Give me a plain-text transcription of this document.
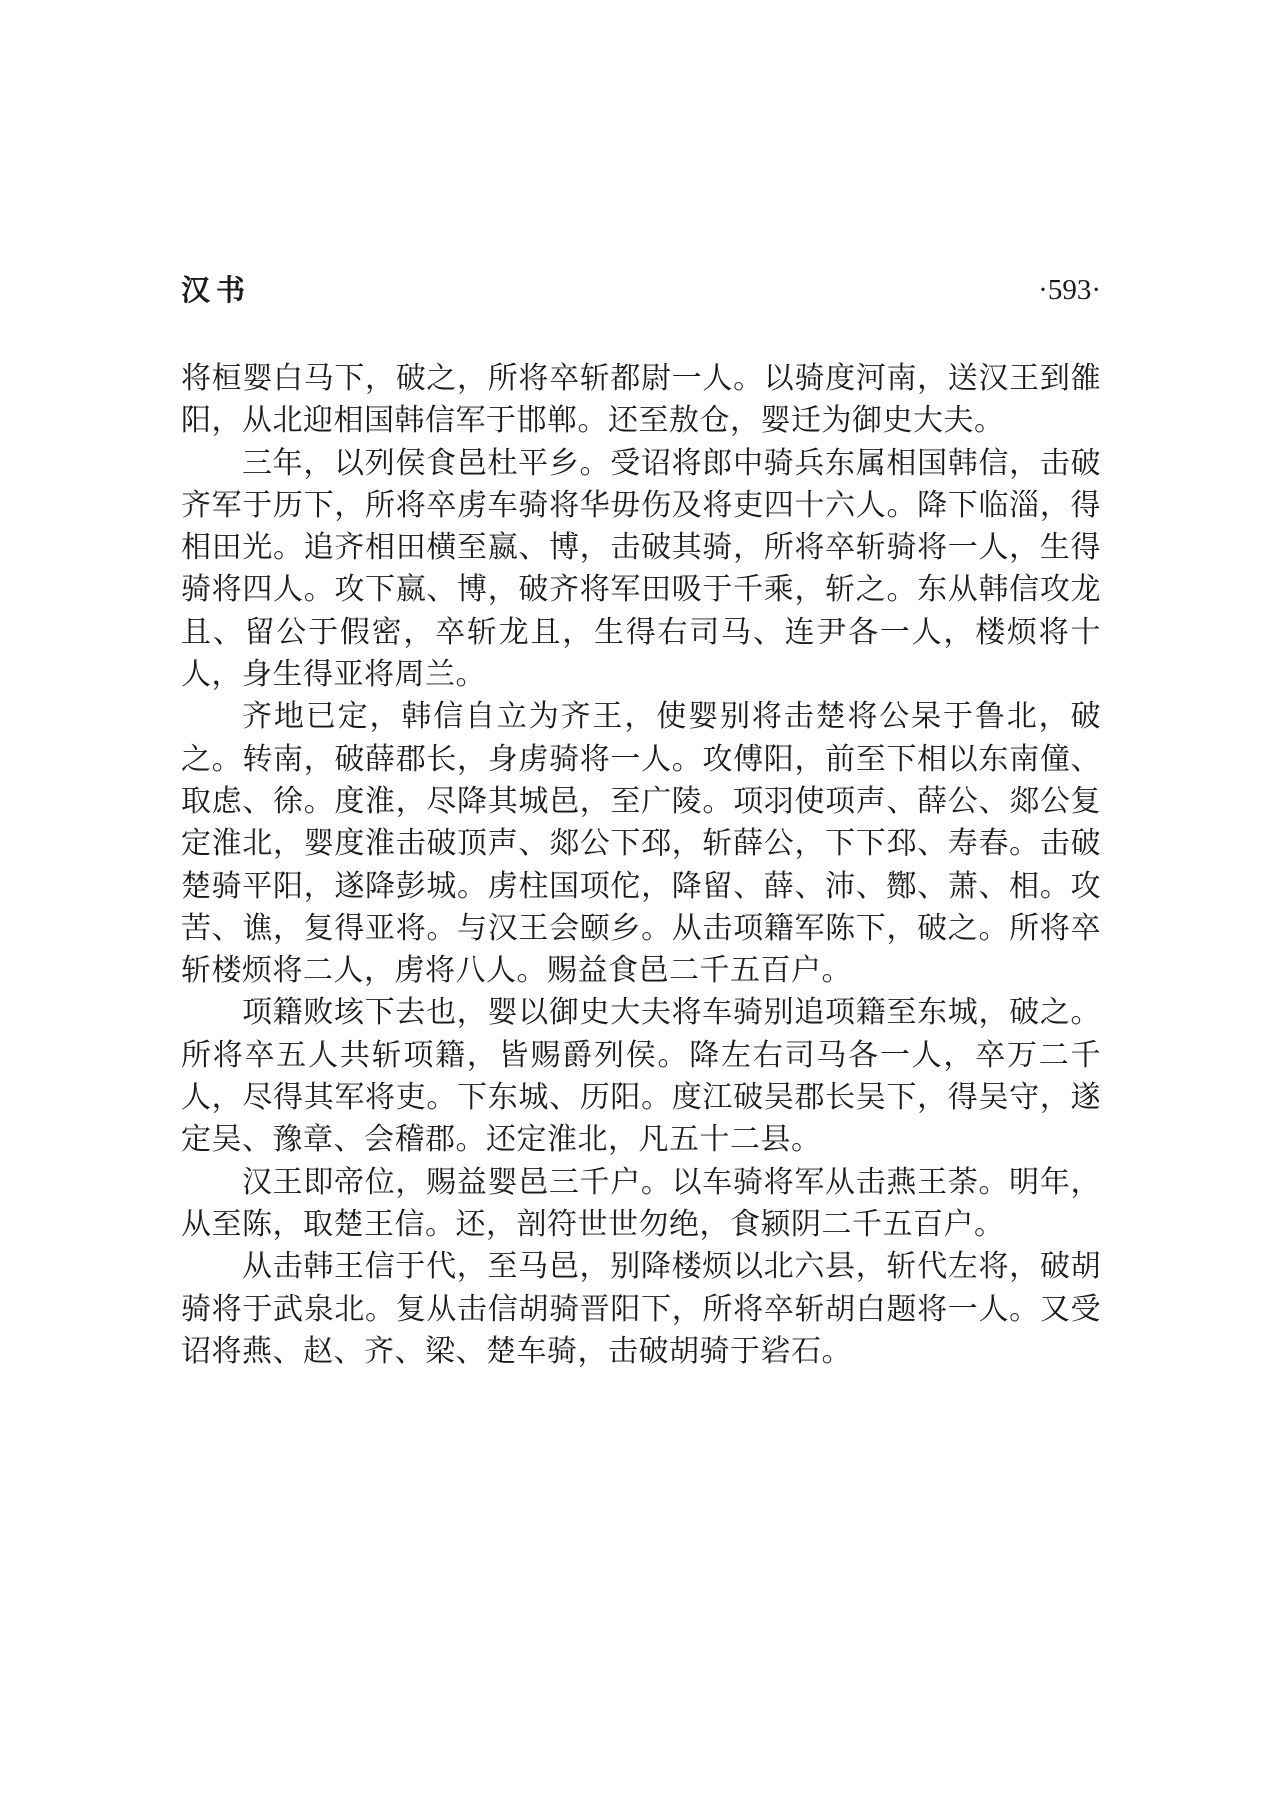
汉书	·593·

将桓婴白马下，破之，所将卒斩都尉一人。以骑度河南，送汉王到雒阳，从北迎相国韩信军于邯郸。还至敖仓，婴迁为御史大夫。

三年，以列侯食邑杜平乡。受诏将郎中骑兵东属相国韩信，击破齐军于历下，所将卒虏车骑将华毋伤及将吏四十六人。降下临淄，得相田光。追齐相田横至嬴、博，击破其骑，所将卒斩骑将一人，生得骑将四人。攻下嬴、博，破齐将军田吸于千乘，斩之。东从韩信攻龙且、留公于假密，卒斩龙且，生得右司马、连尹各一人，楼烦将十人，身生得亚将周兰。

齐地已定，韩信自立为齐王，使婴别将击楚将公杲于鲁北，破之。转南，破薛郡长，身虏骑将一人。攻傅阳，前至下相以东南僮、取虑、徐。度淮，尽降其城邑，至广陵。项羽使项声、薛公、郯公复定淮北，婴度淮击破顶声、郯公下邳，斩薛公，下下邳、寿春。击破楚骑平阳，遂降彭城。虏柱国项佗，降留、薛、沛、酂、萧、相。攻苦、谯，复得亚将。与汉王会颐乡。从击项籍军陈下，破之。所将卒斩楼烦将二人，虏将八人。赐益食邑二千五百户。

项籍败垓下去也，婴以御史大夫将车骑别追项籍至东城，破之。所将卒五人共斩项籍，皆赐爵列侯。降左右司马各一人，卒万二千人，尽得其军将吏。下东城、历阳。度江破吴郡长吴下，得吴守，遂定吴、豫章、会稽郡。还定淮北，凡五十二县。

汉王即帝位，赐益婴邑三千户。以车骑将军从击燕王荼。明年，从至陈，取楚王信。还，剖符世世勿绝，食颍阴二千五百户。

从击韩王信于代，至马邑，别降楼烦以北六县，斩代左将，破胡骑将于武泉北。复从击信胡骑晋阳下，所将卒斩胡白题将一人。又受诏将燕、赵、齐、梁、楚车骑，击破胡骑于硰石。
